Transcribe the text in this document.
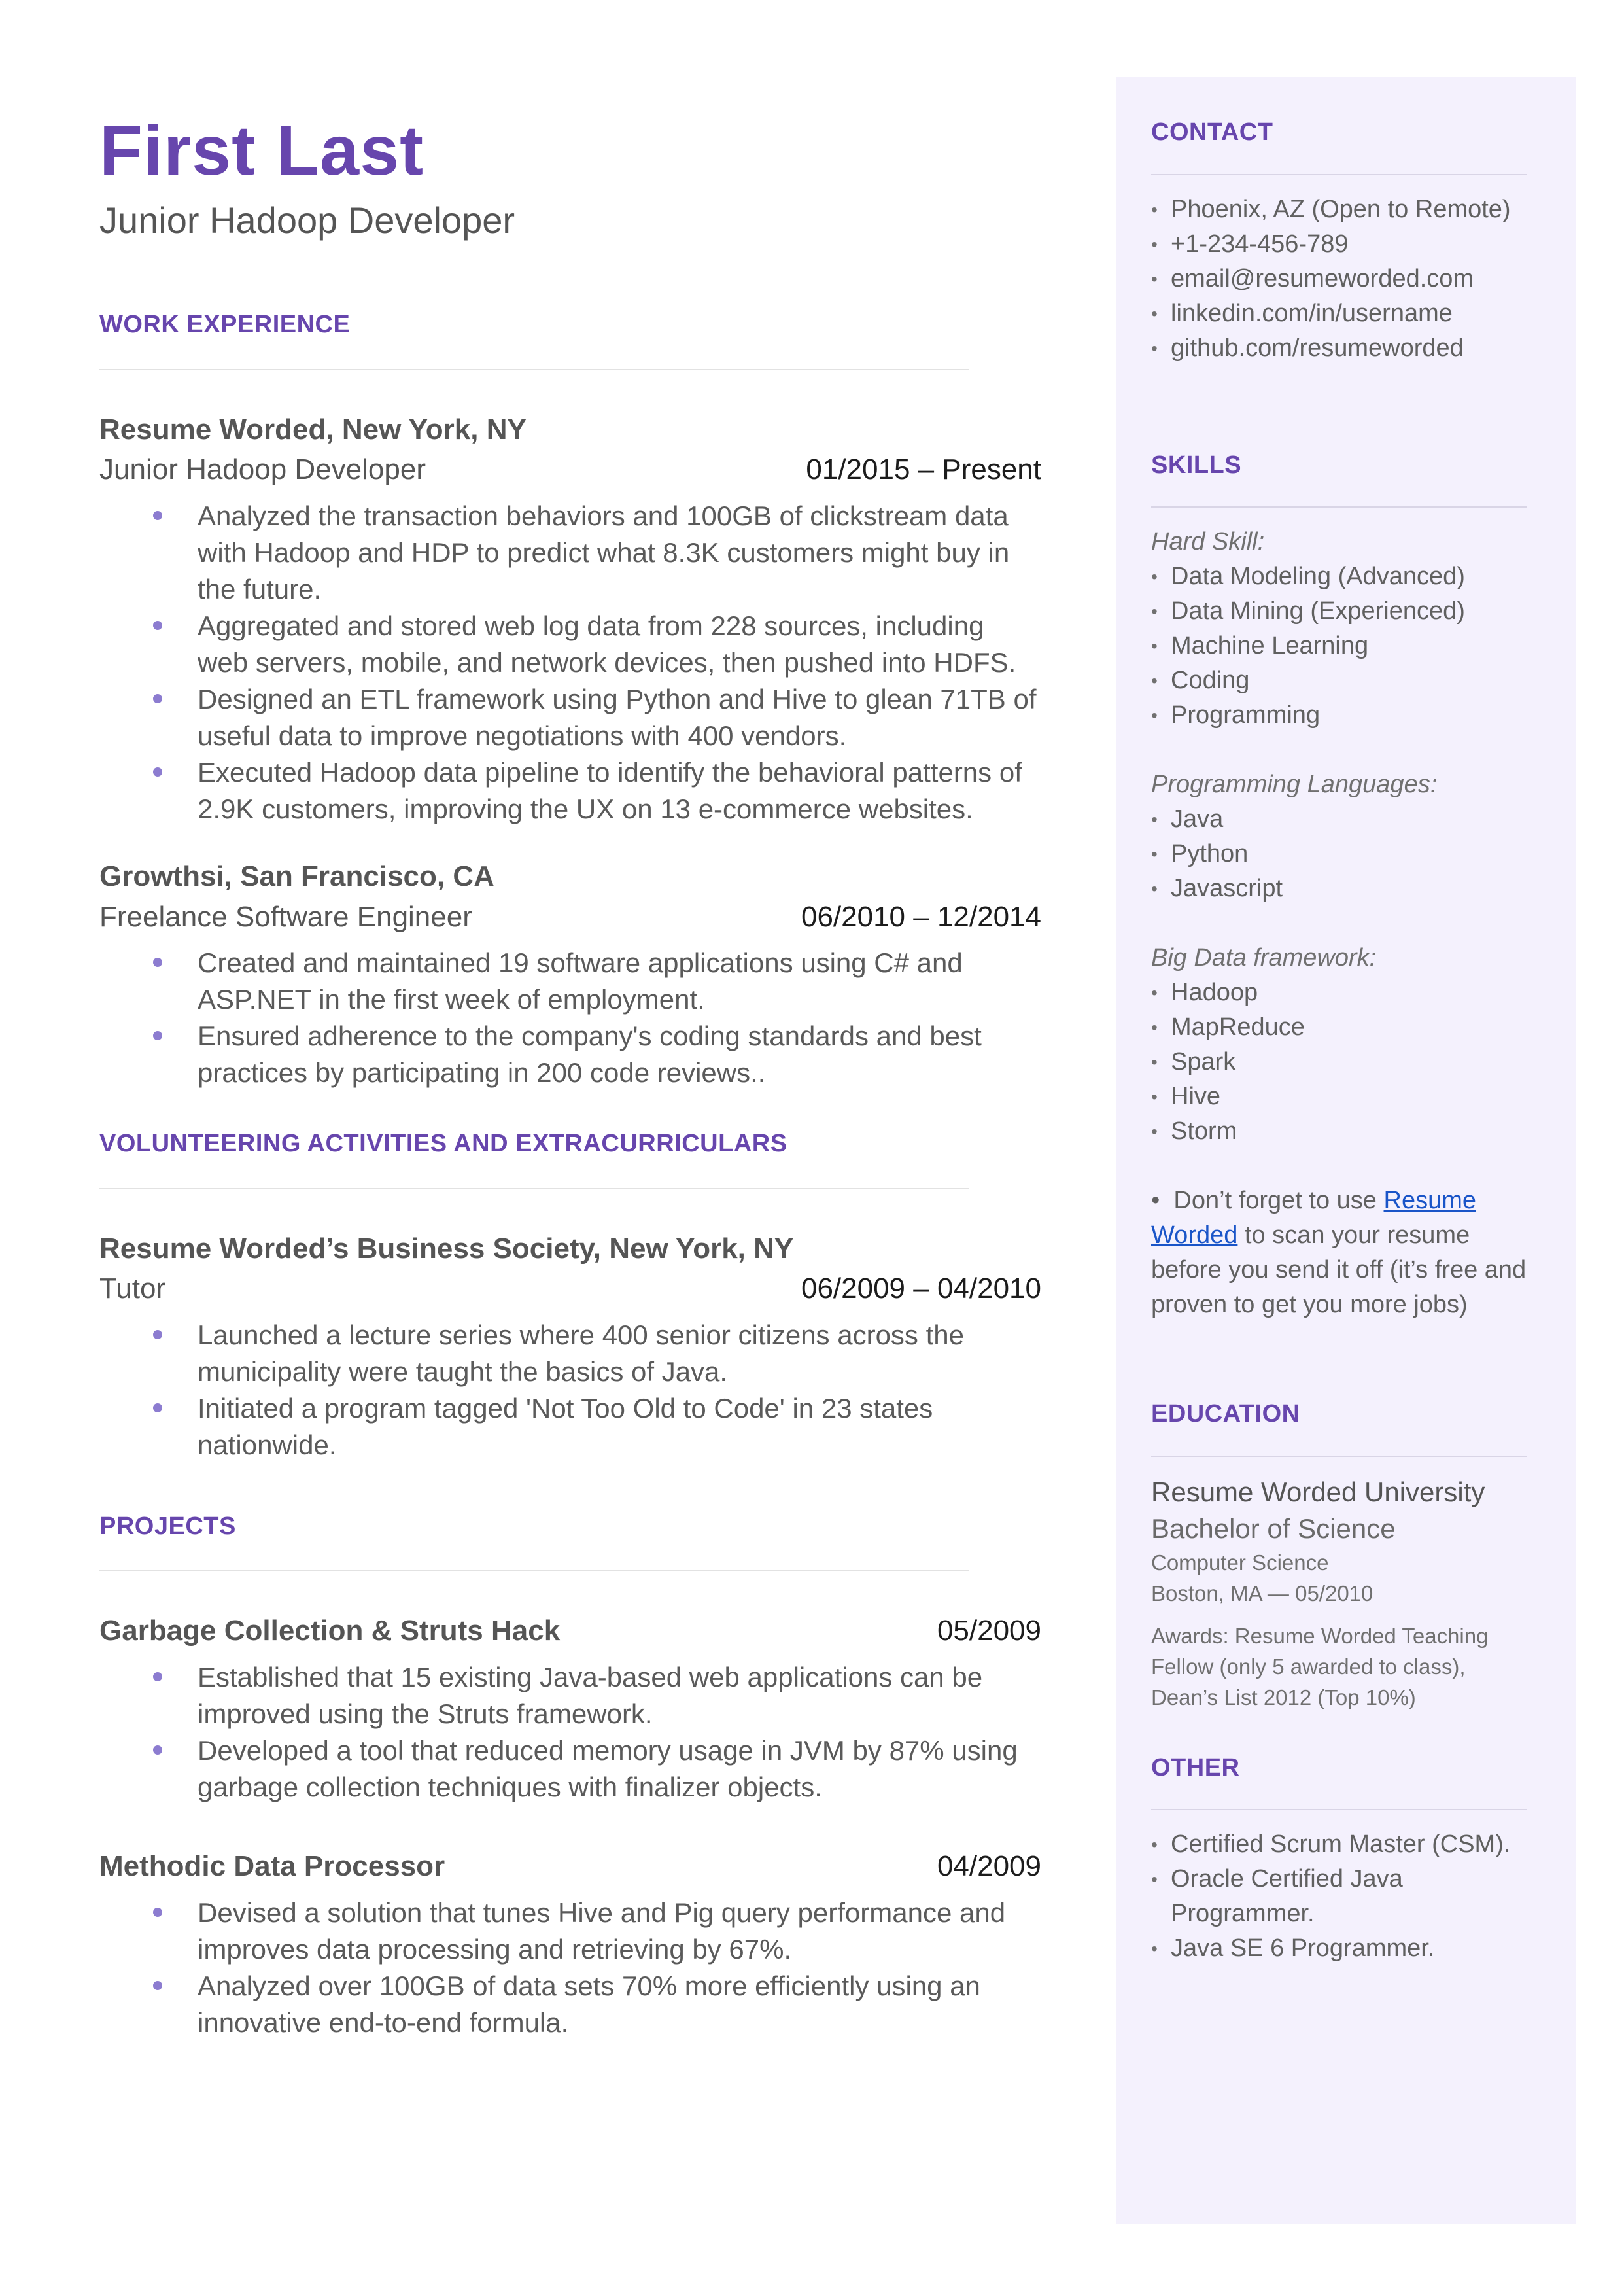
First Last
Junior Hadoop Developer
WORK EXPERIENCE
Resume Worded, New York, NY
Junior Hadoop Developer	01/2015 – Present
Analyzed the transaction behaviors and 100GB of clickstream data with Hadoop and HDP to predict what 8.3K customers might buy in the future.
Aggregated and stored web log data from 228 sources, including web servers, mobile, and network devices, then pushed into HDFS.
Designed an ETL framework using Python and Hive to glean 71TB of useful data to improve negotiations with 400 vendors.
Executed Hadoop data pipeline to identify the behavioral patterns of 2.9K customers, improving the UX on 13 e-commerce websites.
Growthsi, San Francisco, CA
Freelance Software Engineer	06/2010 – 12/2014
Created and maintained 19 software applications using C# and ASP.NET in the first week of employment.
Ensured adherence to the company's coding standards and best practices by participating in 200 code reviews..
VOLUNTEERING ACTIVITIES AND EXTRACURRICULARS
Resume Worded’s Business Society, New York, NY
Tutor	06/2009 – 04/2010
Launched a lecture series where 400 senior citizens across the municipality were taught the basics of Java.
Initiated a program tagged 'Not Too Old to Code' in 23 states nationwide.
PROJECTS
Garbage Collection & Struts Hack	05/2009
Established that 15 existing Java-based web applications can be improved using the Struts framework.
Developed a tool that reduced memory usage in JVM by 87% using garbage collection techniques with finalizer objects.
Methodic Data Processor	04/2009
Devised a solution that tunes Hive and Pig query performance and improves data processing and retrieving by 67%.
Analyzed over 100GB of data sets 70% more efficiently using an innovative end-to-end formula.
CONTACT
• Phoenix, AZ (Open to Remote)
• +1-234-456-789
• email@resumeworded.com
• linkedin.com/in/username
• github.com/resumeworded
SKILLS
Hard Skill:
• Data Modeling (Advanced)
• Data Mining (Experienced)
• Machine Learning
• Coding
• Programming
Programming Languages:
• Java
• Python
• Javascript
Big Data framework:
• Hadoop
• MapReduce
• Spark
• Hive
• Storm

•  Don’t forget to use Resume Worded to scan your resume before you send it off (it’s free and proven to get you more jobs)

EDUCATION
Resume Worded University
Bachelor of Science
Computer Science
Boston, MA — 05/2010
Awards: Resume Worded Teaching Fellow (only 5 awarded to class), Dean’s List 2012 (Top 10%)
OTHER
• Certified Scrum Master (CSM).
• Oracle Certified Java Programmer.
• Java SE 6 Programmer.
